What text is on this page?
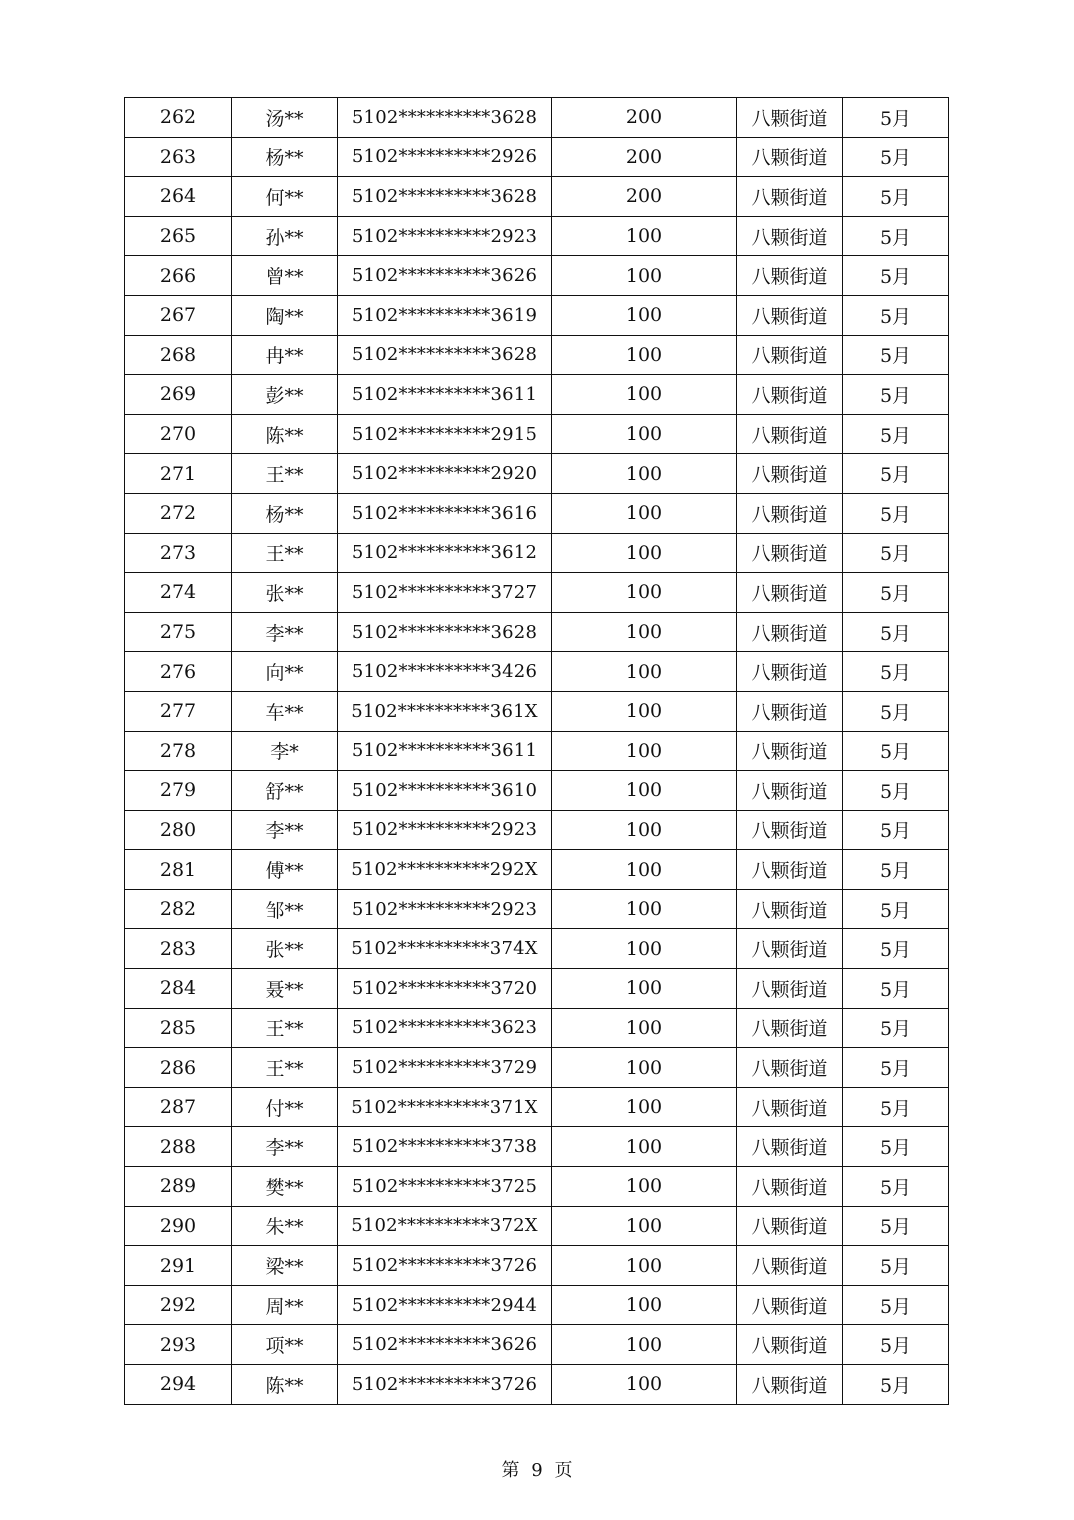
262	汤**	5102**********3628	200	八颗街道	5月
263	杨**	5102**********2926	200	八颗街道	5月
264	何**	5102**********3628	200	八颗街道	5月
265	孙**	5102**********2923	100	八颗街道	5月
266	曾**	5102**********3626	100	八颗街道	5月
267	陶**	5102**********3619	100	八颗街道	5月
268	冉**	5102**********3628	100	八颗街道	5月
269	彭**	5102**********3611	100	八颗街道	5月
270	陈**	5102**********2915	100	八颗街道	5月
271	王**	5102**********2920	100	八颗街道	5月
272	杨**	5102**********3616	100	八颗街道	5月
273	王**	5102**********3612	100	八颗街道	5月
274	张**	5102**********3727	100	八颗街道	5月
275	李**	5102**********3628	100	八颗街道	5月
276	向**	5102**********3426	100	八颗街道	5月
277	车**	5102**********361X	100	八颗街道	5月
278	李*	5102**********3611	100	八颗街道	5月
279	舒**	5102**********3610	100	八颗街道	5月
280	李**	5102**********2923	100	八颗街道	5月
281	傅**	5102**********292X	100	八颗街道	5月
282	邹**	5102**********2923	100	八颗街道	5月
283	张**	5102**********374X	100	八颗街道	5月
284	聂**	5102**********3720	100	八颗街道	5月
285	王**	5102**********3623	100	八颗街道	5月
286	王**	5102**********3729	100	八颗街道	5月
287	付**	5102**********371X	100	八颗街道	5月
288	李**	5102**********3738	100	八颗街道	5月
289	樊**	5102**********3725	100	八颗街道	5月
290	朱**	5102**********372X	100	八颗街道	5月
291	梁**	5102**********3726	100	八颗街道	5月
292	周**	5102**********2944	100	八颗街道	5月
293	项**	5102**********3626	100	八颗街道	5月
294	陈**	5102**********3726	100	八颗街道	5月
第 9 页
